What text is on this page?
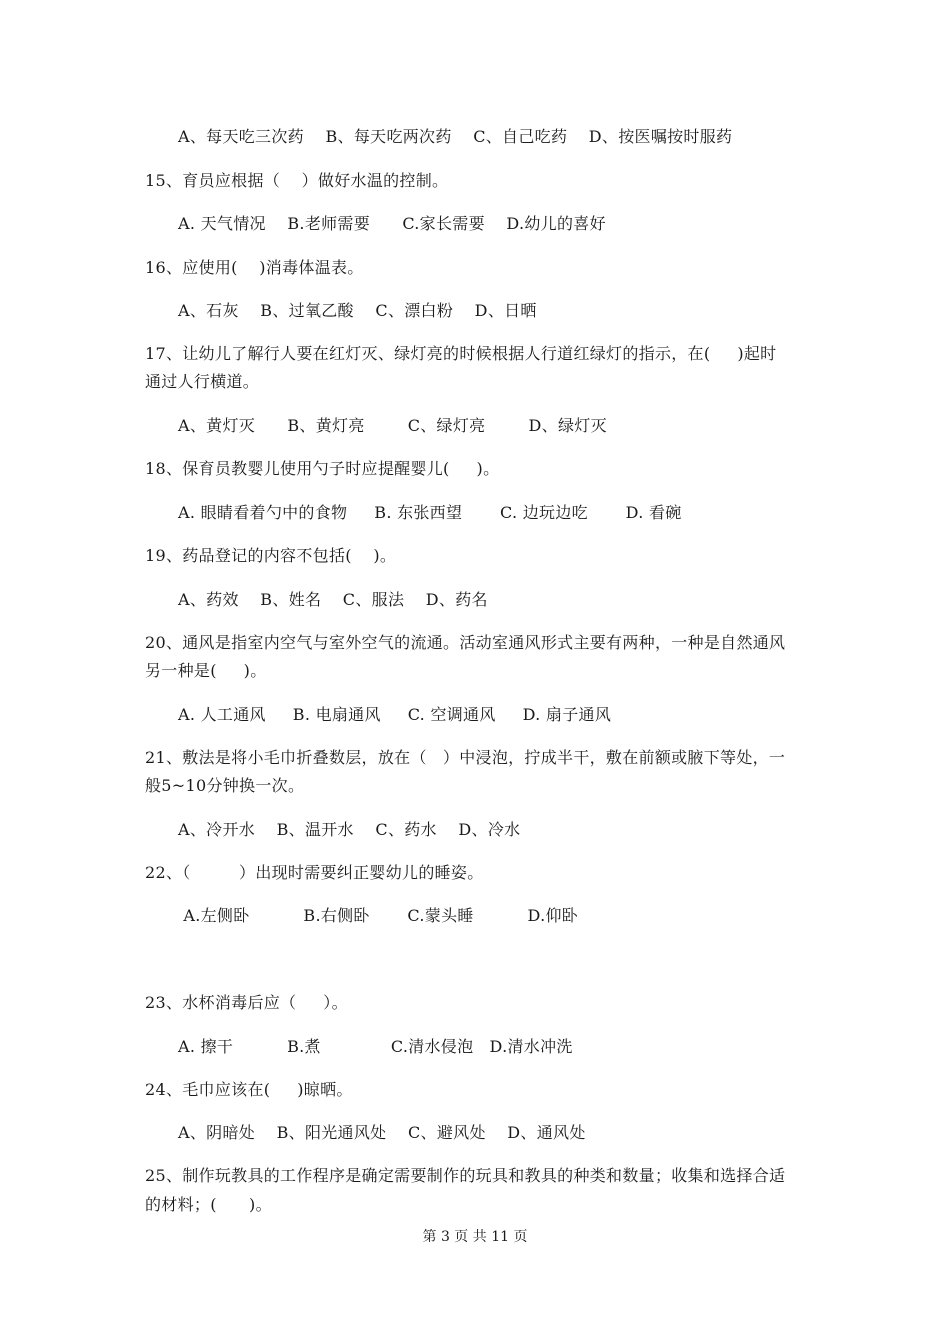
A、每天吃三次药    B、每天吃两次药    C、自己吃药    D、按医嘱按时服药
15、育员应根据（    ）做好水温的控制。
A. 天气情况    B.老师需要      C.家长需要    D.幼儿的喜好
16、应使用(    )消毒体温表。
A、石灰    B、过氧乙酸    C、漂白粉    D、日晒
17、让幼儿了解行人要在红灯灭、绿灯亮的时候根据人行道红绿灯的指示，在(     )起时
通过人行横道。
A、黄灯灭      B、黄灯亮        C、绿灯亮        D、绿灯灭
18、保育员教婴儿使用勺子时应提醒婴儿(     )。
A. 眼睛看着勺中的食物     B. 东张西望       C. 边玩边吃       D. 看碗
19、药品登记的内容不包括(    )。
A、药效    B、姓名    C、服法    D、药名
20、通风是指室内空气与室外空气的流通。活动室通风形式主要有两种，一种是自然通风
另一种是(     )。
A. 人工通风     B. 电扇通风     C. 空调通风     D. 扇子通风
21、敷法是将小毛巾折叠数层，放在（   ）中浸泡，拧成半干，敷在前额或腋下等处，一
般5~10分钟换一次。
A、冷开水    B、温开水    C、药水    D、冷水
22、（         ）出现时需要纠正婴幼儿的睡姿。
A.左侧卧          B.右侧卧       C.蒙头睡          D.仰卧
23、水杯消毒后应（     ）。
A. 擦干          B.煮             C.清水侵泡   D.清水冲洗
24、毛巾应该在(     )晾晒。
A、阴暗处    B、阳光通风处    C、避风处    D、通风处
25、制作玩教具的工作程序是确定需要制作的玩具和教具的种类和数量；收集和选择合适
的材料；(      )。
第 3 页 共 11 页
